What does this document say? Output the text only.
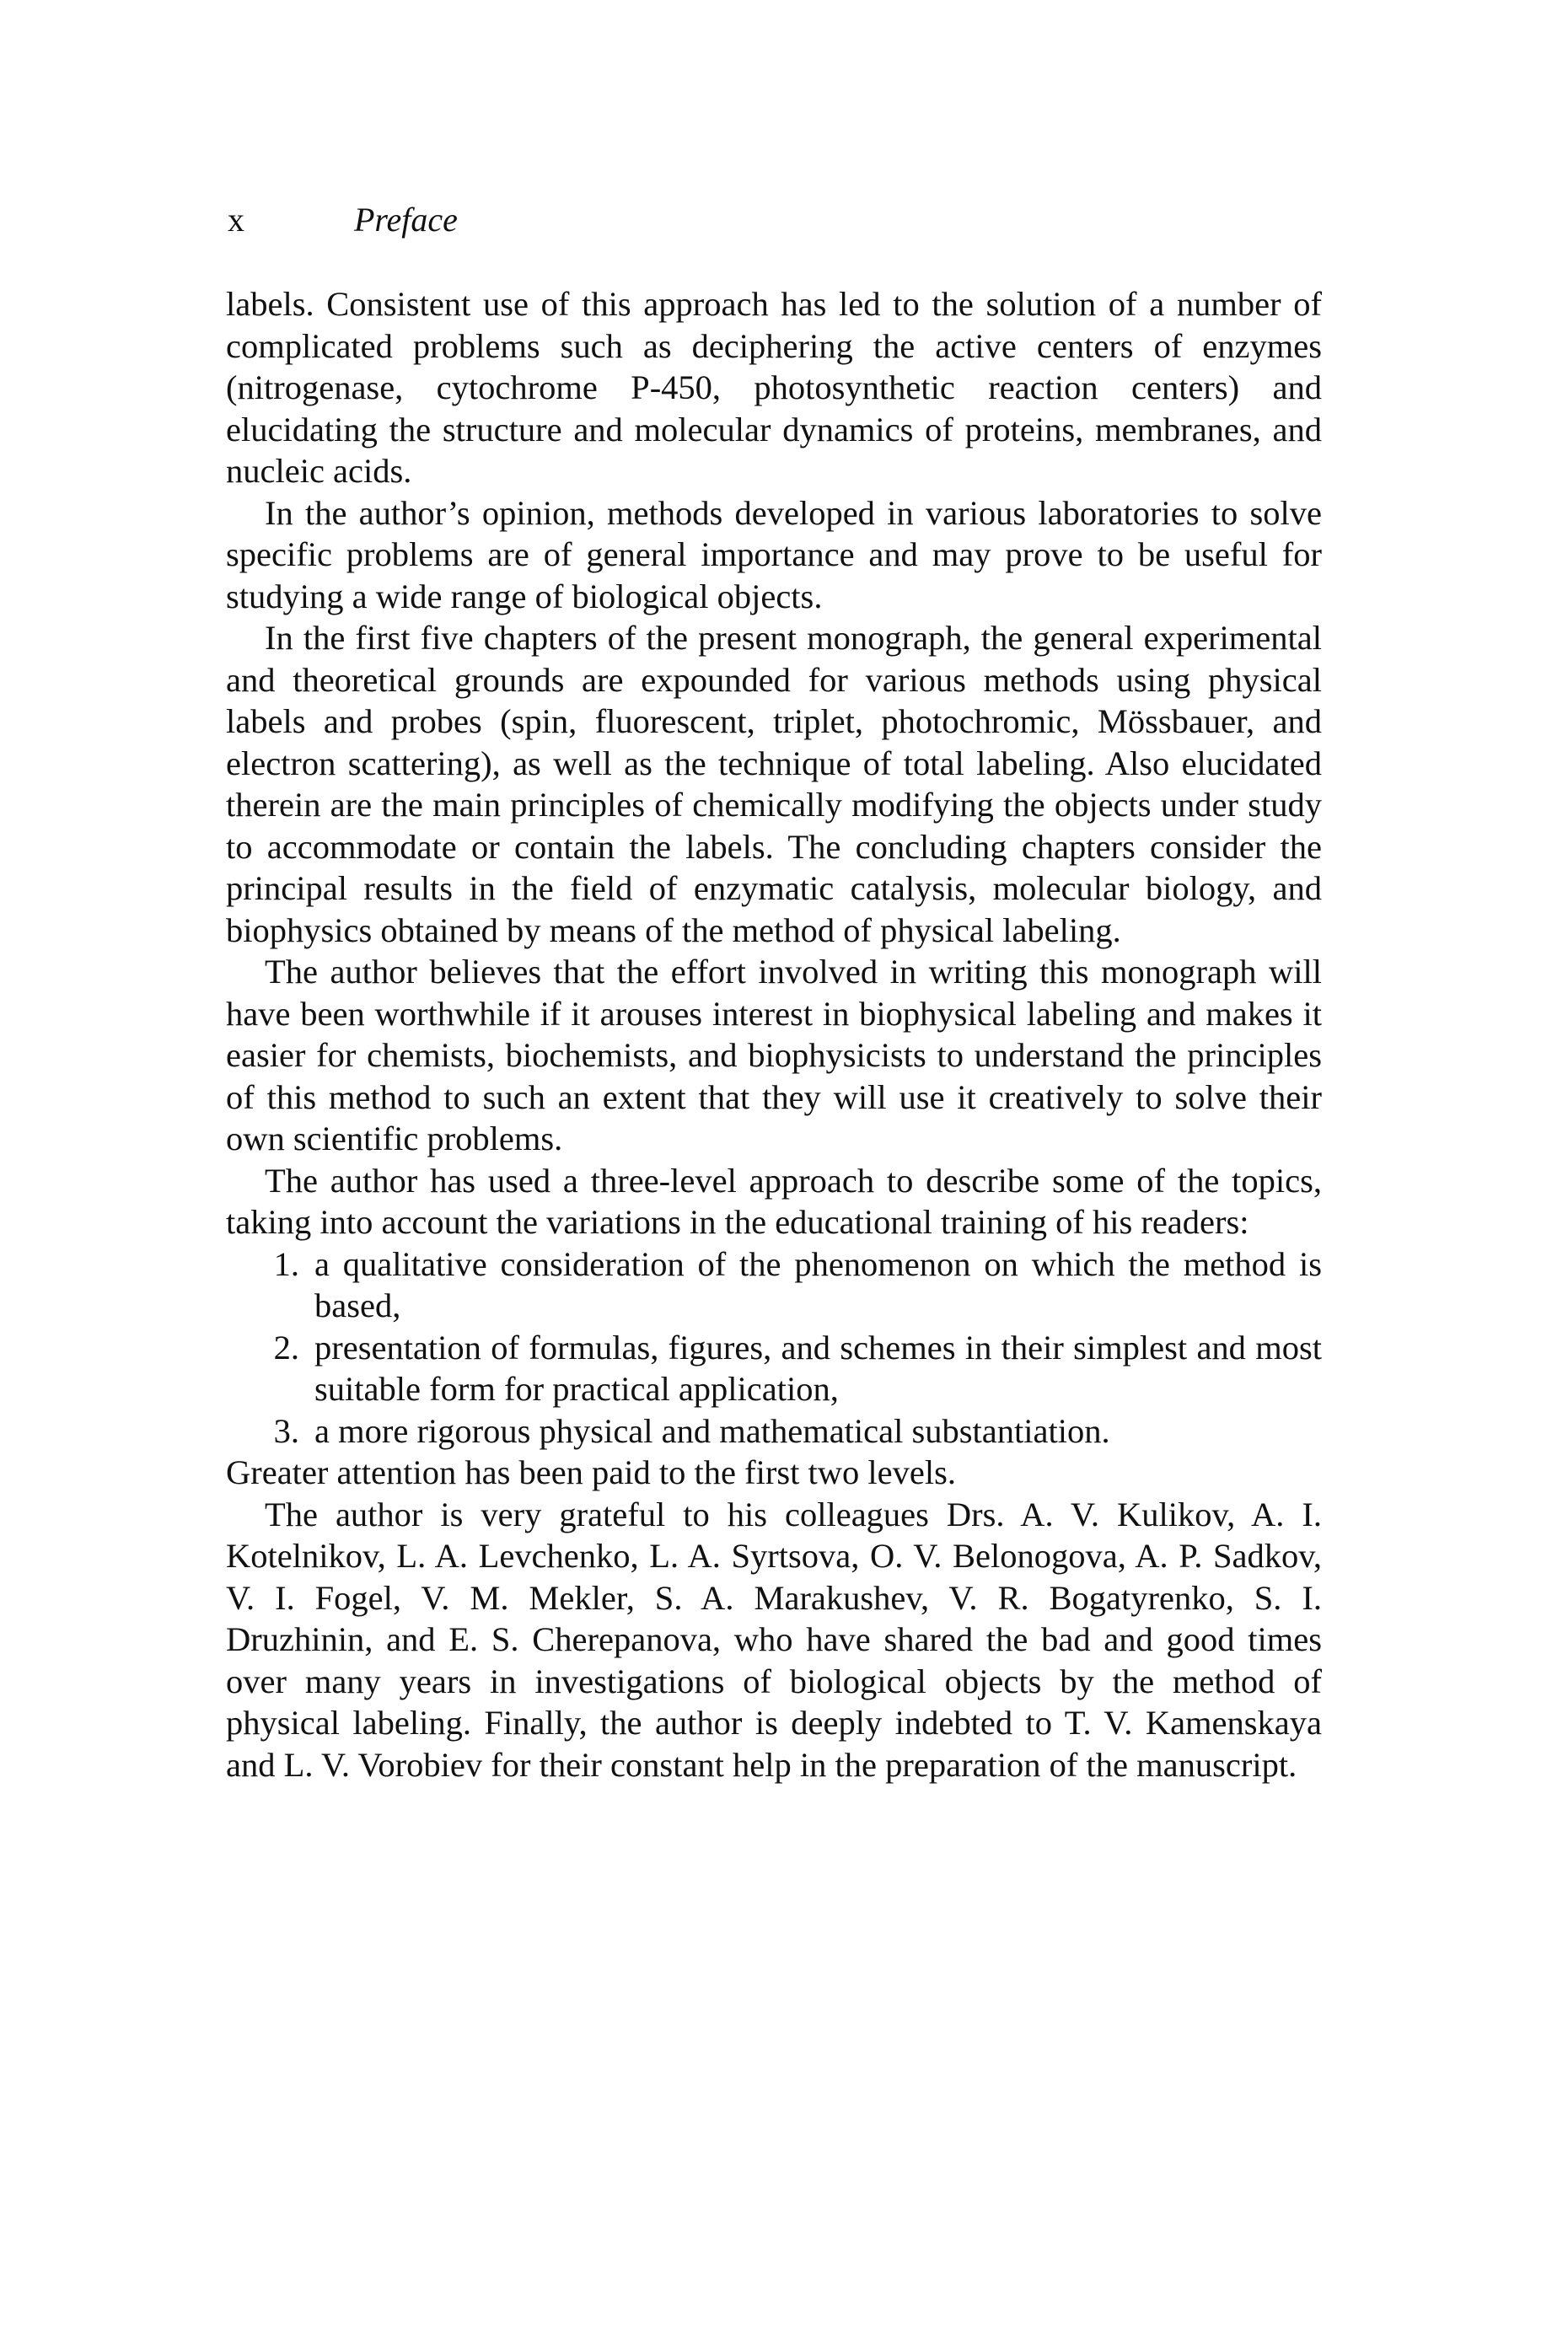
x	Preface

labels. Consistent use of this approach has led to the solution of a number of complicated problems such as deciphering the active centers of enzymes (nitrogenase, cytochrome P-450, photosynthetic reaction centers) and elucidating the structure and molecular dynamics of proteins, membranes, and nucleic acids.

In the author’s opinion, methods developed in various laboratories to solve specific problems are of general importance and may prove to be useful for studying a wide range of biological objects.

In the first five chapters of the present monograph, the general experimental and theoretical grounds are expounded for various methods using physical labels and probes (spin, fluorescent, triplet, photochromic, Mössbauer, and electron scattering), as well as the technique of total labeling. Also elucidated therein are the main principles of chemically modifying the objects under study to accommodate or contain the labels. The concluding chapters consider the principal results in the field of enzymatic catalysis, molecular biology, and biophysics obtained by means of the method of physical labeling.

The author believes that the effort involved in writing this monograph will have been worthwhile if it arouses interest in biophysical labeling and makes it easier for chemists, biochemists, and biophysicists to understand the principles of this method to such an extent that they will use it creatively to solve their own scientific problems.

The author has used a three-level approach to describe some of the topics, taking into account the variations in the educational training of his readers:

1. a qualitative consideration of the phenomenon on which the method is based,
2. presentation of formulas, figures, and schemes in their simplest and most suitable form for practical application,
3. a more rigorous physical and mathematical substantiation.

Greater attention has been paid to the first two levels.

The author is very grateful to his colleagues Drs. A. V. Kulikov, A. I. Kotelnikov, L. A. Levchenko, L. A. Syrtsova, O. V. Belonogova, A. P. Sadkov, V. I. Fogel, V. M. Mekler, S. A. Marakushev, V. R. Bogatyrenko, S. I. Druzhinin, and E. S. Cherepanova, who have shared the bad and good times over many years in investigations of biological objects by the method of physical labeling. Finally, the author is deeply indebted to T. V. Kamenskaya and L. V. Vorobiev for their constant help in the preparation of the manuscript.
